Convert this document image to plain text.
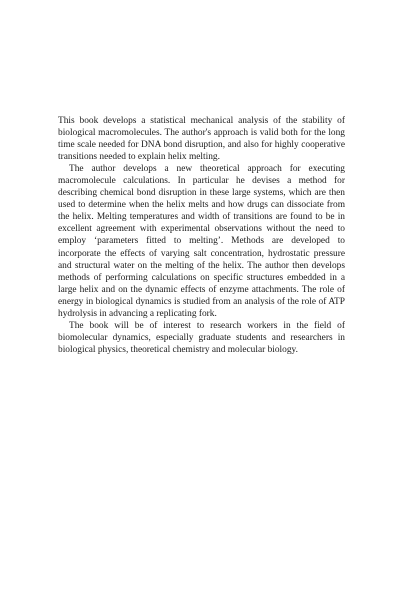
This book develops a statistical mechanical analysis of the stability of biological macromolecules. The author's approach is valid both for the long time scale needed for DNA bond disruption, and also for highly cooperative transitions needed to explain helix melting.

The author develops a new theoretical approach for executing macromolecule calculations. In particular he devises a method for describing chemical bond disruption in these large systems, which are then used to determine when the helix melts and how drugs can dissociate from the helix. Melting temperatures and width of transitions are found to be in excellent agreement with experimental observations without the need to employ ‘parameters fitted to melting’. Methods are developed to incorporate the effects of varying salt concentration, hydrostatic pressure and structural water on the melting of the helix. The author then develops methods of performing calculations on specific structures embedded in a large helix and on the dynamic effects of enzyme attachments. The role of energy in biological dynamics is studied from an analysis of the role of ATP hydrolysis in advancing a replicating fork.

The book will be of interest to research workers in the field of biomolecular dynamics, especially graduate students and researchers in biological physics, theoretical chemistry and molecular biology.
